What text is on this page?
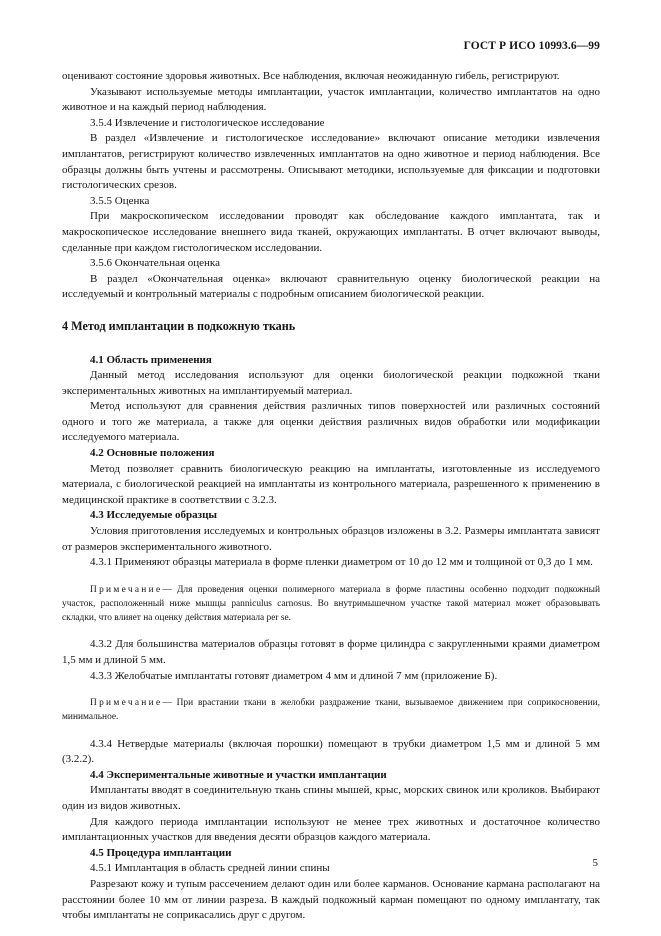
ГОСТ Р ИСО 10993.6—99

оценивают состояние здоровья животных. Все наблюдения, включая неожиданную гибель, регистрируют.

Указывают используемые методы имплантации, участок имплантации, количество имплантатов на одно животное и на каждый период наблюдения.

3.5.4 Извлечение и гистологическое исследование

В раздел «Извлечение и гистологическое исследование» включают описание методики извлечения имплантатов, регистрируют количество извлеченных имплантатов на одно животное и период наблюдения. Все образцы должны быть учтены и рассмотрены. Описывают методики, используемые для фиксации и подготовки гистологических срезов.

3.5.5 Оценка

При макроскопическом исследовании проводят как обследование каждого имплантата, так и макроскопическое исследование внешнего вида тканей, окружающих имплантаты. В отчет включают выводы, сделанные при каждом гистологическом исследовании.

3.5.6 Окончательная оценка

В раздел «Окончательная оценка» включают сравнительную оценку биологической реакции на исследуемый и контрольный материалы с подробным описанием биологической реакции.

4 Метод имплантации в подкожную ткань

4.1 Область применения

Данный метод исследования используют для оценки биологической реакции подкожной ткани экспериментальных животных на имплантируемый материал.

Метод используют для сравнения действия различных типов поверхностей или различных состояний одного и того же материала, а также для оценки действия различных видов обработки или модификации исследуемого материала.

4.2 Основные положения

Метод позволяет сравнить биологическую реакцию на имплантаты, изготовленные из исследуемого материала, с биологической реакцией на имплантаты из контрольного материала, разрешенного к применению в медицинской практике в соответствии с 3.2.3.

4.3 Исследуемые образцы

Условия приготовления исследуемых и контрольных образцов изложены в 3.2. Размеры имплантата зависят от размеров экспериментального животного.

4.3.1 Применяют образцы материала в форме пленки диаметром от 10 до 12 мм и толщиной от 0,3 до 1 мм.

Примечание— Для проведения оценки полимерного материала в форме пластины особенно подходит подкожный участок, расположенный ниже мышцы panniculus carnosus. Во внутримышечном участке такой материал может образовывать складки, что влияет на оценку действия материала per se.

4.3.2 Для большинства материалов образцы готовят в форме цилиндра с закругленными краями диаметром 1,5 мм и длиной 5 мм.

4.3.3 Желобчатые имплантаты готовят диаметром 4 мм и длиной 7 мм (приложение Б).

Примечание— При врастании ткани в желобки раздражение ткани, вызываемое движением при соприкосновении, минимальное.

4.3.4 Нетвердые материалы (включая порошки) помещают в трубки диаметром 1,5 мм и длиной 5 мм (3.2.2).

4.4 Экспериментальные животные и участки имплантации

Имплантаты вводят в соединительную ткань спины мышей, крыс, морских свинок или кроликов. Выбирают один из видов животных.

Для каждого периода имплантации используют не менее трех животных и достаточное количество имплантационных участков для введения десяти образцов каждого материала.

4.5 Процедура имплантации

4.5.1 Имплантация в область средней линии спины

Разрезают кожу и тупым рассечением делают один или более карманов. Основание кармана располагают на расстоянии более 10 мм от линии разреза. В каждый подкожный карман помещают по одному имплантату, так чтобы имплантаты не соприкасались друг с другом.

5
